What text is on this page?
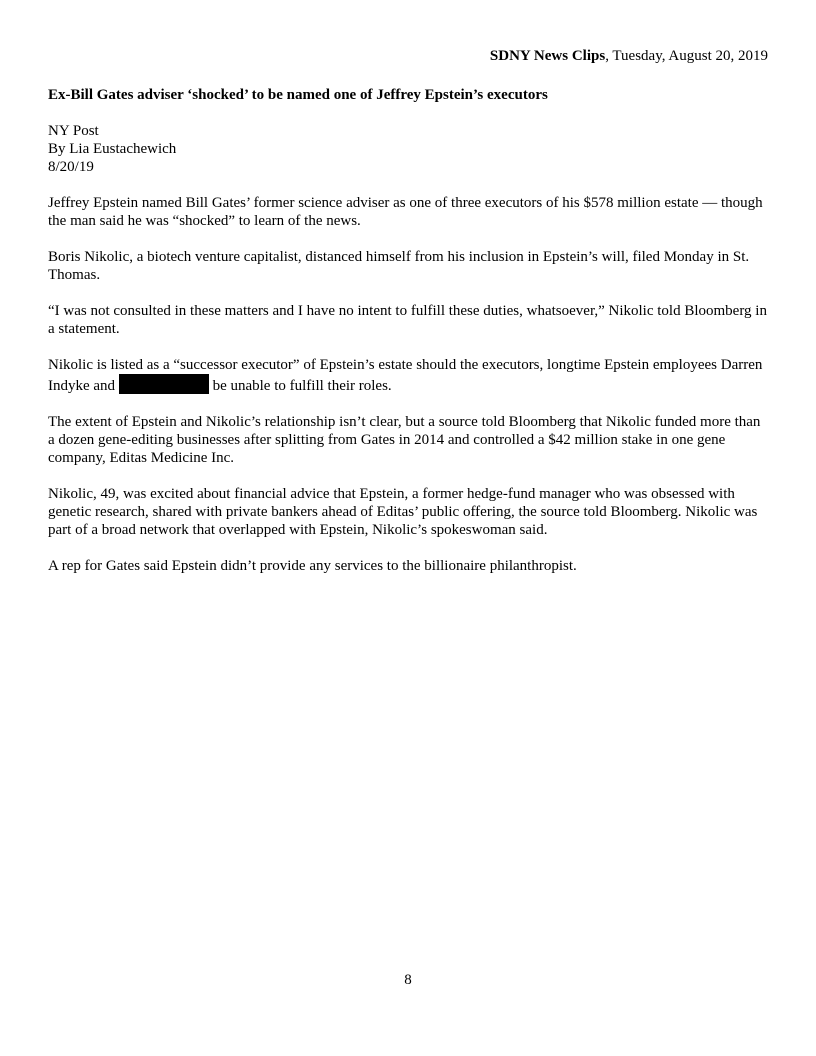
SDNY News Clips, Tuesday, August 20, 2019
Ex-Bill Gates adviser ‘shocked’ to be named one of Jeffrey Epstein’s executors
NY Post
By Lia Eustachewich
8/20/19

Jeffrey Epstein named Bill Gates’ former science adviser as one of three executors of his $578 million estate — though the man said he was “shocked” to learn of the news.

Boris Nikolic, a biotech venture capitalist, distanced himself from his inclusion in Epstein’s will, filed Monday in St. Thomas.

“I was not consulted in these matters and I have no intent to fulfill these duties, whatsoever,” Nikolic told Bloomberg in a statement.

Nikolic is listed as a “successor executor” of Epstein’s estate should the executors, longtime Epstein employees Darren Indyke and	be unable to fulfill their roles.

The extent of Epstein and Nikolic’s relationship isn’t clear, but a source told Bloomberg that Nikolic funded more than a dozen gene-editing businesses after splitting from Gates in 2014 and controlled a $42 million stake in one gene company, Editas Medicine Inc.

Nikolic, 49, was excited about financial advice that Epstein, a former hedge-fund manager who was obsessed with genetic research, shared with private bankers ahead of Editas’ public offering, the source told Bloomberg. Nikolic was part of a broad network that overlapped with Epstein, Nikolic’s spokeswoman said.

A rep for Gates said Epstein didn’t provide any services to the billionaire philanthropist.

8
